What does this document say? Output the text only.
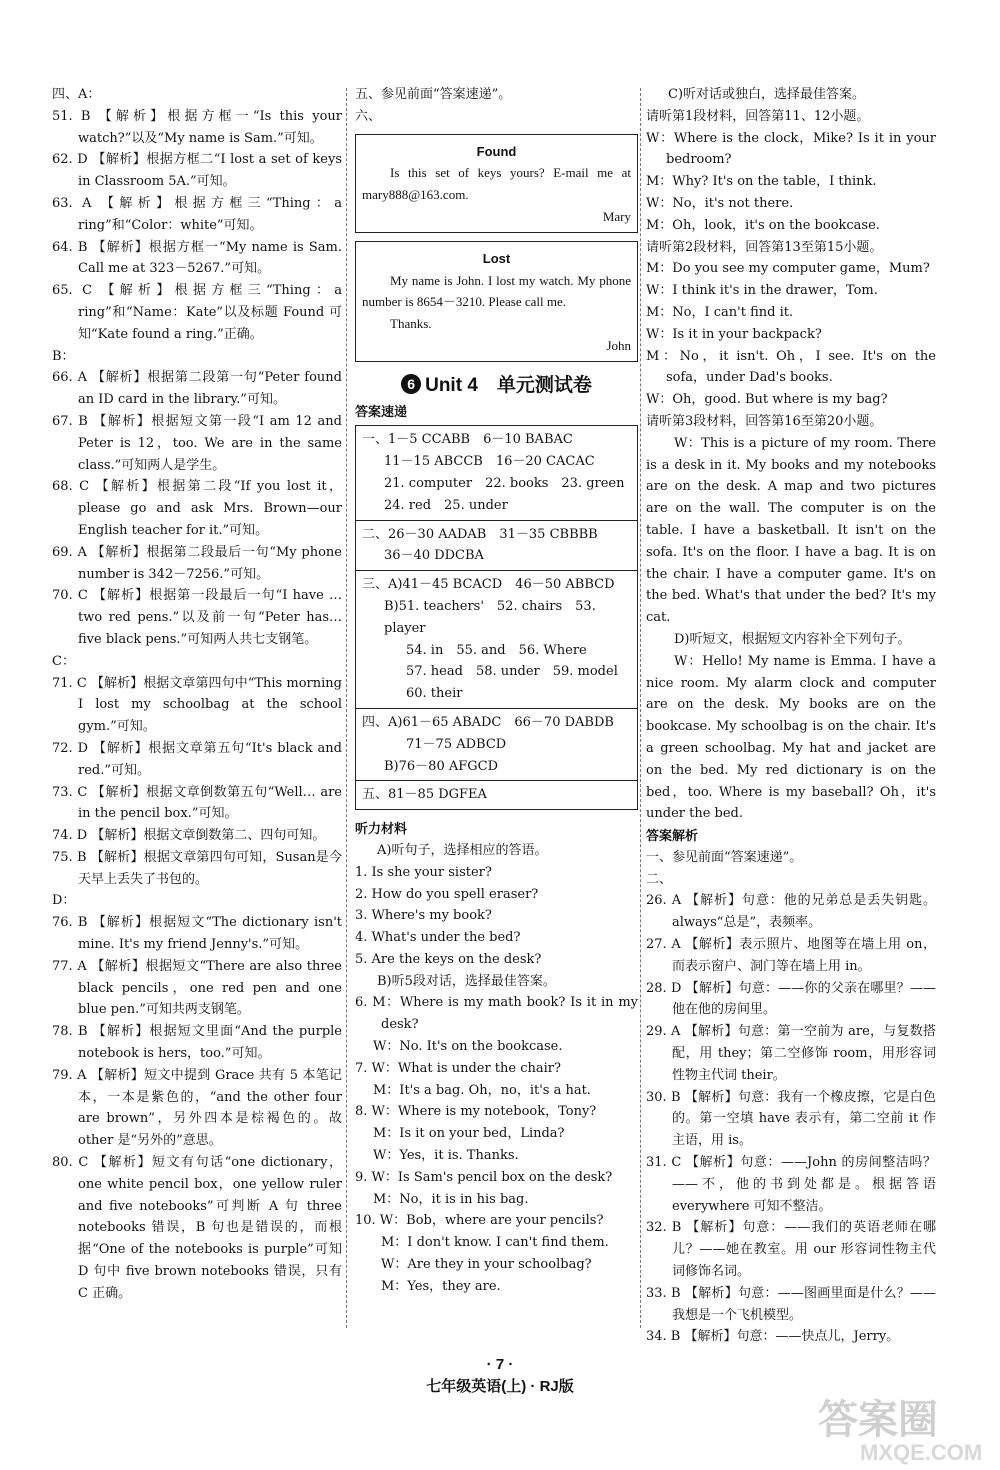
四、A：

51. B 【解析】根据方框一“Is this your watch?”以及“My name is Sam.”可知。

62. D 【解析】根据方框二“I lost a set of keys in Classroom 5A.”可知。

63. A 【解析】根据方框三“Thing：a ring”和“Color：white”可知。

64. B 【解析】根据方框一“My name is Sam. Call me at 323－5267.”可知。

65. C 【解析】根据方框三“Thing：a ring”和“Name：Kate”以及标题 Found 可知“Kate found a ring.”正确。

B：

66. A 【解析】根据第二段第一句“Peter found an ID card in the library.”可知。

67. B 【解析】根据短文第一段“I am 12 and Peter is 12，too. We are in the same class.”可知两人是学生。

68. C 【解析】根据第二段“If you lost it，please go and ask Mrs. Brown—our English teacher for it.”可知。

69. A 【解析】根据第二段最后一句“My phone number is 342－7256.”可知。

70. C 【解析】根据第一段最后一句“I have …two red pens.”以及前一句“Peter has… five black pens.”可知两人共七支钢笔。

C：

71. C 【解析】根据文章第四句中“This morning I lost my schoolbag at the school gym.”可知。

72. D 【解析】根据文章第五句“It's black and red.”可知。

73. C 【解析】根据文章倒数第五句“Well… are in the pencil box.”可知。

74. D 【解析】根据文章倒数第二、四句可知。

75. B 【解析】根据文章第四句可知，Susan是今天早上丢失了书包的。

D：

76. B 【解析】根据短文“The dictionary isn't mine. It's my friend Jenny's.”可知。

77. A 【解析】根据短文“There are also three black pencils，one red pen and one blue pen.”可知共两支钢笔。

78. B 【解析】根据短文里面“And the purple notebook is hers，too.”可知。

79. A 【解析】短文中提到 Grace 共有 5 本笔记本，一本是紫色的，“and the other four are brown”，另外四本是棕褐色的。故 other 是“另外的”意思。

80. C 【解析】短文有句话“one dictionary，one white pencil box，one yellow ruler and five notebooks”可判断 A 句 three notebooks 错误，B 句也是错误的，而根据“One of the notebooks is purple”可知 D 句中 five brown notebooks 错误，只有 C 正确。

五、参见前面“答案速递”。

六、

Found

Is this set of keys yours? E-mail me at mary888@163.com.

Mary

Lost

My name is John. I lost my watch. My phone number is 8654－3210. Please call me.

Thanks.

John

6 Unit 4　单元测试卷

答案速递

一、1－5 CCABB　6－10 BABAC

11－15 ABCCB　16－20 CACAC

21. computer　22. books　23. green

24. red　25. under

二、26－30 AADAB　31－35 CBBBB

36－40 DDCBA

三、A)41－45 BCACD　46－50 ABBCD

B)51. teachers'　52. chairs　53. player

54. in　55. and　56. Where

57. head　58. under　59. model

60. their

四、A)61－65 ABADC　66－70 DABDB

71－75 ADBCD

B)76－80 AFGCD

五、81－85 DGFEA

听力材料

A)听句子，选择相应的答语。

1. Is she your sister?

2. How do you spell eraser?

3. Where's my book?

4. What's under the bed?

5. Are the keys on the desk?

B)听5段对话，选择最佳答案。

6. M：Where is my math book? Is it in my desk?

W：No. It's on the bookcase.

7. W：What is under the chair?

M：It's a bag. Oh，no，it's a hat.

8. W：Where is my notebook，Tony?

M：Is it on your bed，Linda?

W：Yes，it is. Thanks.

9. W：Is Sam's pencil box on the desk?

M：No，it is in his bag.

10. W：Bob，where are your pencils?

M：I don't know. I can't find them.

W：Are they in your schoolbag?

M：Yes，they are.

C)听对话或独白，选择最佳答案。

请听第1段材料，回答第11、12小题。

W：Where is the clock，Mike? Is it in your bedroom?

M：Why? It's on the table，I think.

W：No，it's not there.

M：Oh，look，it's on the bookcase.

请听第2段材料，回答第13至第15小题。

M：Do you see my computer game，Mum?

W：I think it's in the drawer，Tom.

M：No，I can't find it.

W：Is it in your backpack?

M：No，it isn't. Oh，I see. It's on the sofa，under Dad's books.

W：Oh，good. But where is my bag?

请听第3段材料，回答第16至第20小题。

W：This is a picture of my room. There is a desk in it. My books and my notebooks are on the desk. A map and two pictures are on the wall. The computer is on the table. I have a basketball. It isn't on the sofa. It's on the floor. I have a bag. It is on the chair. I have a computer game. It's on the bed. What's that under the bed? It's my cat.

D)听短文，根据短文内容补全下列句子。

W：Hello! My name is Emma. I have a nice room. My alarm clock and computer are on the desk. My books are on the bookcase. My schoolbag is on the chair. It's a green schoolbag. My hat and jacket are on the bed. My red dictionary is on the bed，too. Where is my baseball? Oh，it's under the bed.

答案解析

一、参见前面“答案速递”。

二、

26. A 【解析】句意：他的兄弟总是丢失钥匙。always“总是”，表频率。

27. A 【解析】表示照片、地图等在墙上用 on，而表示窗户、洞门等在墙上用 in。

28. D 【解析】句意：——你的父亲在哪里？——他在他的房间里。

29. A 【解析】句意：第一空前为 are，与复数搭配，用 they；第二空修饰 room，用形容词性物主代词 their。

30. B 【解析】句意：我有一个橡皮擦，它是白色的。第一空填 have 表示有，第二空前 it 作主语，用 is。

31. C 【解析】句意：——John 的房间整洁吗？——不，他的书到处都是。根据答语 everywhere 可知不整洁。

32. B 【解析】句意：——我们的英语老师在哪儿？——她在教室。用 our 形容词性物主代词修饰名词。

33. B 【解析】句意：——图画里面是什么？——我想是一个飞机模型。

34. B 【解析】句意：——快点儿，Jerry。

· 7 ·
七年级英语(上) · RJ版
答案圈
MXQE.COM
